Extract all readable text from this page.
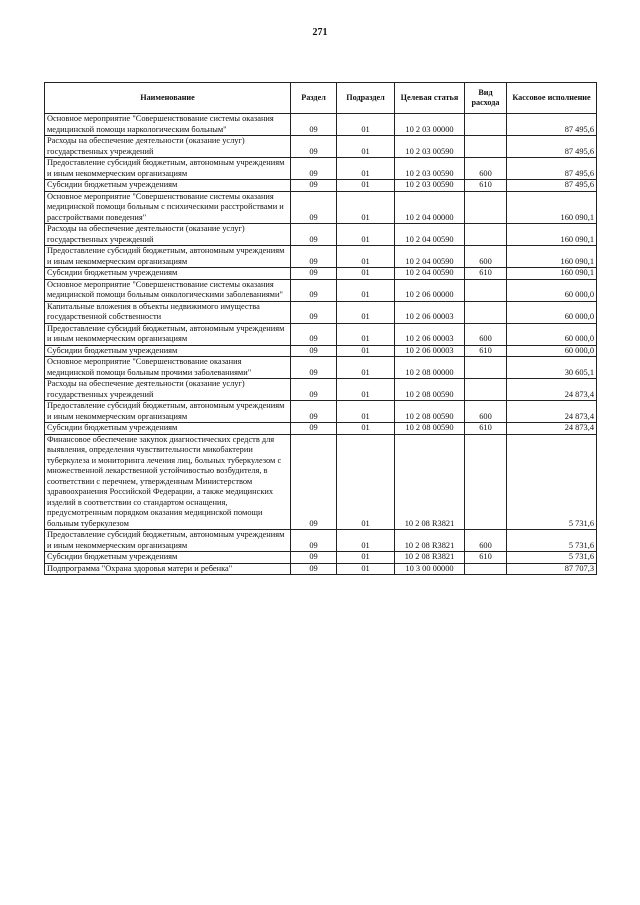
271
Наименование	Раздел	Подраздел	Целевая статья	Вид расхода	Кассовое исполнение
Основное мероприятие "Совершенствование системы оказания медицинской помощи наркологическим больным"	09	01	10 2 03 00000		87 495,6
Расходы на обеспечение деятельности (оказание услуг) государственных учреждений	09	01	10 2 03 00590		87 495,6
Предоставление субсидий бюджетным, автономным учреждениям и иным некоммерческим организациям	09	01	10 2 03 00590	600	87 495,6
Субсидии бюджетным учреждениям	09	01	10 2 03 00590	610	87 495,6
Основное мероприятие "Совершенствование системы оказания медицинской помощи больным с психическими расстройствами и расстройствами поведения"	09	01	10 2 04 00000		160 090,1
Расходы на обеспечение деятельности (оказание услуг) государственных учреждений	09	01	10 2 04 00590		160 090,1
Предоставление субсидий бюджетным, автономным учреждениям и иным некоммерческим организациям	09	01	10 2 04 00590	600	160 090,1
Субсидии бюджетным учреждениям	09	01	10 2 04 00590	610	160 090,1
Основное мероприятие "Совершенствование системы оказания медицинской помощи больным онкологическими заболеваниями"	09	01	10 2 06 00000		60 000,0
Капитальные вложения в объекты недвижимого имущества государственной собственности	09	01	10 2 06 00003		60 000,0
Предоставление субсидий бюджетным, автономным учреждениям и иным некоммерческим организациям	09	01	10 2 06 00003	600	60 000,0
Субсидии бюджетным учреждениям	09	01	10 2 06 00003	610	60 000,0
Основное мероприятие "Совершенствование оказания медицинской помощи больным прочими заболеваниями"	09	01	10 2 08 00000		30 605,1
Расходы на обеспечение деятельности (оказание услуг) государственных учреждений	09	01	10 2 08 00590		24 873,4
Предоставление субсидий бюджетным, автономным учреждениям и иным некоммерческим организациям	09	01	10 2 08 00590	600	24 873,4
Субсидии бюджетным учреждениям	09	01	10 2 08 00590	610	24 873,4
Финансовое обеспечение закупок диагностических средств для выявления, определения чувствительности микобактерии туберкулеза и мониторинга лечения лиц, больных туберкулезом с множественной лекарственной устойчивостью возбудителя, в соответствии с перечнем, утвержденным Министерством здравоохранения Российской Федерации, а также медицинских изделий в соответствии со стандартом оснащения, предусмотренным порядком оказания медицинской помощи больным туберкулезом	09	01	10 2 08 R3821		5 731,6
Предоставление субсидий бюджетным, автономным учреждениям и иным некоммерческим организациям	09	01	10 2 08 R3821	600	5 731,6
Субсидии бюджетным учреждениям	09	01	10 2 08 R3821	610	5 731,6
Подпрограмма "Охрана здоровья матери и ребенка"	09	01	10 3 00 00000		87 707,3
